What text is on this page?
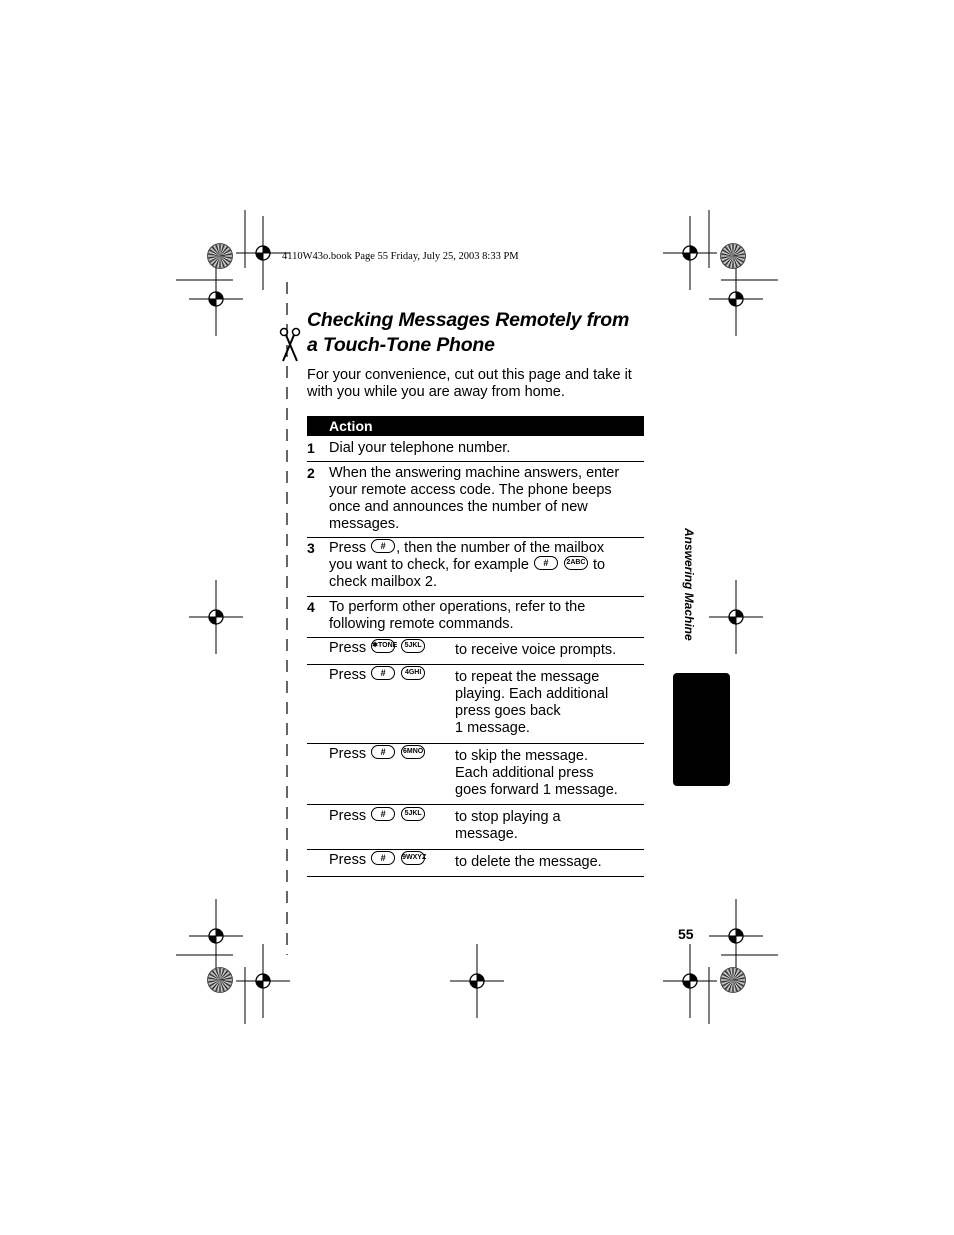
4110W43o.book Page 55 Friday, July 25, 2003 8:33 PM
Checking Messages Remotely from
a Touch-Tone Phone
For your convenience, cut out this page and take it
with you while you are away from home.
Action
1 Dial your telephone number.
2 When the answering machine answers, enter
your remote access code. The phone beeps
once and announces the number of new
messages.
3 Press # , then the number of the mailbox
you want to check, for example #	2ABC to
check mailbox 2.
4 To perform other operations, refer to the
following remote commands.
Press ✱TONE 5JKL	to receive voice prompts.
Press #	4GHI	to repeat the message
playing. Each additional
press goes back
1 message.
Press # 6MNO to skip the message.
Each additional press
goes forward 1 message.
Press #	5JKL	to stop playing a
message.
Press # 9WXYZ to delete the message.
Answering Machine
55
